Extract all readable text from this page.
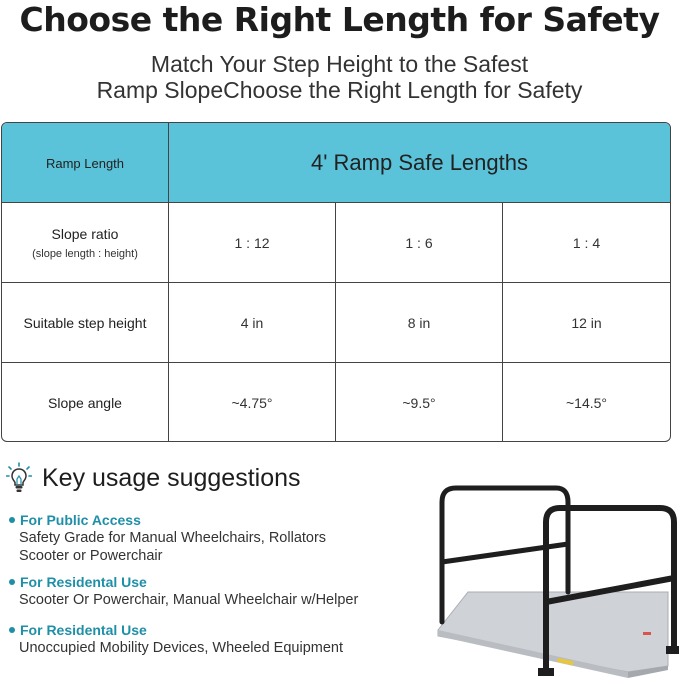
Choose the Right Length for Safety
Match Your Step Height to the Safest
Ramp SlopeChoose the Right Length for Safety
Ramp Length	4' Ramp Safe Lengths
Slope ratio
(slope length : height)
1 : 12	1 : 6	1 : 4
Suitable step height	4 in	8 in	12 in
Slope angle	~4.75°	~9.5°	~14.5°
Key usage suggestions
For Public Access
Safety Grade for Manual Wheelchairs, Rollators
Scooter or Powerchair
For Residental Use
Scooter Or Powerchair, Manual Wheelchair w/Helper
For Residental Use
Unoccupied Mobility Devices, Wheeled Equipment
